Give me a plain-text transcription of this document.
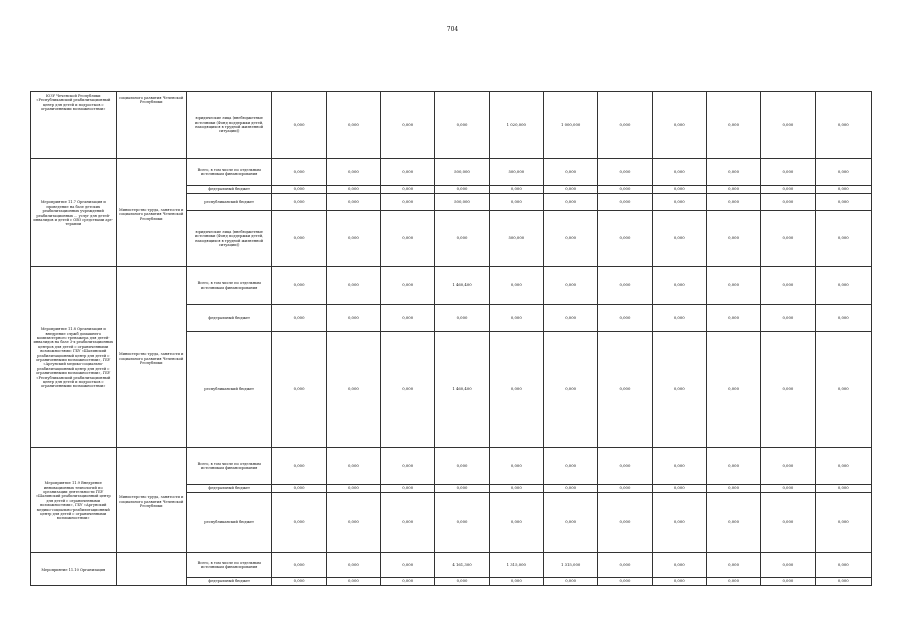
704
ЮЗУ Чеченской Республики «Республиканский реабилитационный центр для детей и подростков с ограниченными возможностями»	социального развития Чеченской Республики	юридические лица (внебюджетные источники (Фонд поддержки детей, находящихся в трудной жизненной ситуации))	0,000	0,000	0,000	0,000	1 020,000	1 000,000	0,000	0,000	0,000	0,000	0,000
Мероприятие 11.7 Организация и проведение на базе детских реабилитационных учреждений реабилитационных ... услуг для детей-инвалидов и детей с ОВЗ средствами арт-терапии	Министерство труда, занятости и социального развития Чеченской Республики	Всего, в том числе по отдельным источникам финансирования	0,000	0,000	0,000	500,000	500,000	0,000	0,000	0,000	0,000	0,000	0,000
		федеральный бюджет	0,000	0,000	0,000	0,000	0,000	0,000	0,000	0,000	0,000	0,000	0,000
		республиканский бюджет	0,000	0,000	0,000	500,000	0,000	0,000	0,000	0,000	0,000	0,000	0,000
		юридические лица (внебюджетные источники (Фонд поддержки детей, находящихся в трудной жизненной ситуации))	0,000	0,000	0,000	0,000	500,000	0,000	0,000	0,000	0,000	0,000	0,000
Мероприятие 11.8 Организация и внедрение служб домашнего компьютерного тренажера для детей-инвалидов на базе 3-х реабилитационных центров для детей с ограниченными возможностями: ГБУ «Шалинский реабилитационный центр для детей с ограниченными возможностями», ГБУ «Аргунский медико-социально-реабилитационный центр для детей с ограниченными возможностями», ГБУ «Республиканский реабилитационный центр для детей и подростков с ограниченными возможностями»	Министерство труда, занятости и социального развития Чеченской Республики	Всего, в том числе по отдельным источникам финансирования	0,000	0,000	0,000	1 460,400	0,000	0,000	0,000	0,000	0,000	0,000	0,000
		федеральный бюджет	0,000	0,000	0,000	0,000	0,000	0,000	0,000	0,000	0,000	0,000	0,000
		республиканский бюджет	0,000	0,000	0,000	1 460,400	0,000	0,000	0,000	0,000	0,000	0,000	0,000
Мероприятие 11.9 Внедрение инновационных технологий по организации деятельности ГБУ «Шалинский реабилитационный центр для детей с ограниченными возможностями», ГБУ «Аргунский медико-социально-реабилитационный центр для детей с ограниченными возможностями»	Министерство труда, занятости и социального развития Чеченской Республики	Всего, в том числе по отдельным источникам финансирования	0,000	0,000	0,000	0,000	0,000	0,000	0,000	0,000	0,000	0,000	0,000
		федеральный бюджет	0,000	0,000	0,000	0,000	0,000	0,000	0,000	0,000	0,000	0,000	0,000
		республиканский бюджет	0,000	0,000	0,000	0,000	0,000	0,000	0,000	0,000	0,000	0,000	0,000
Мероприятие 11.10 Организация		Всего, в том числе по отдельным источникам финансирования	0,000	0,000	0,000	4 161,300	1 315,000	1 315,000	0,000	0,000	0,000	0,000	0,000
		федеральный бюджет	0,000	0,000	0,000	0,000	0,000	0,000	0,000	0,000	0,000	0,000	0,000
